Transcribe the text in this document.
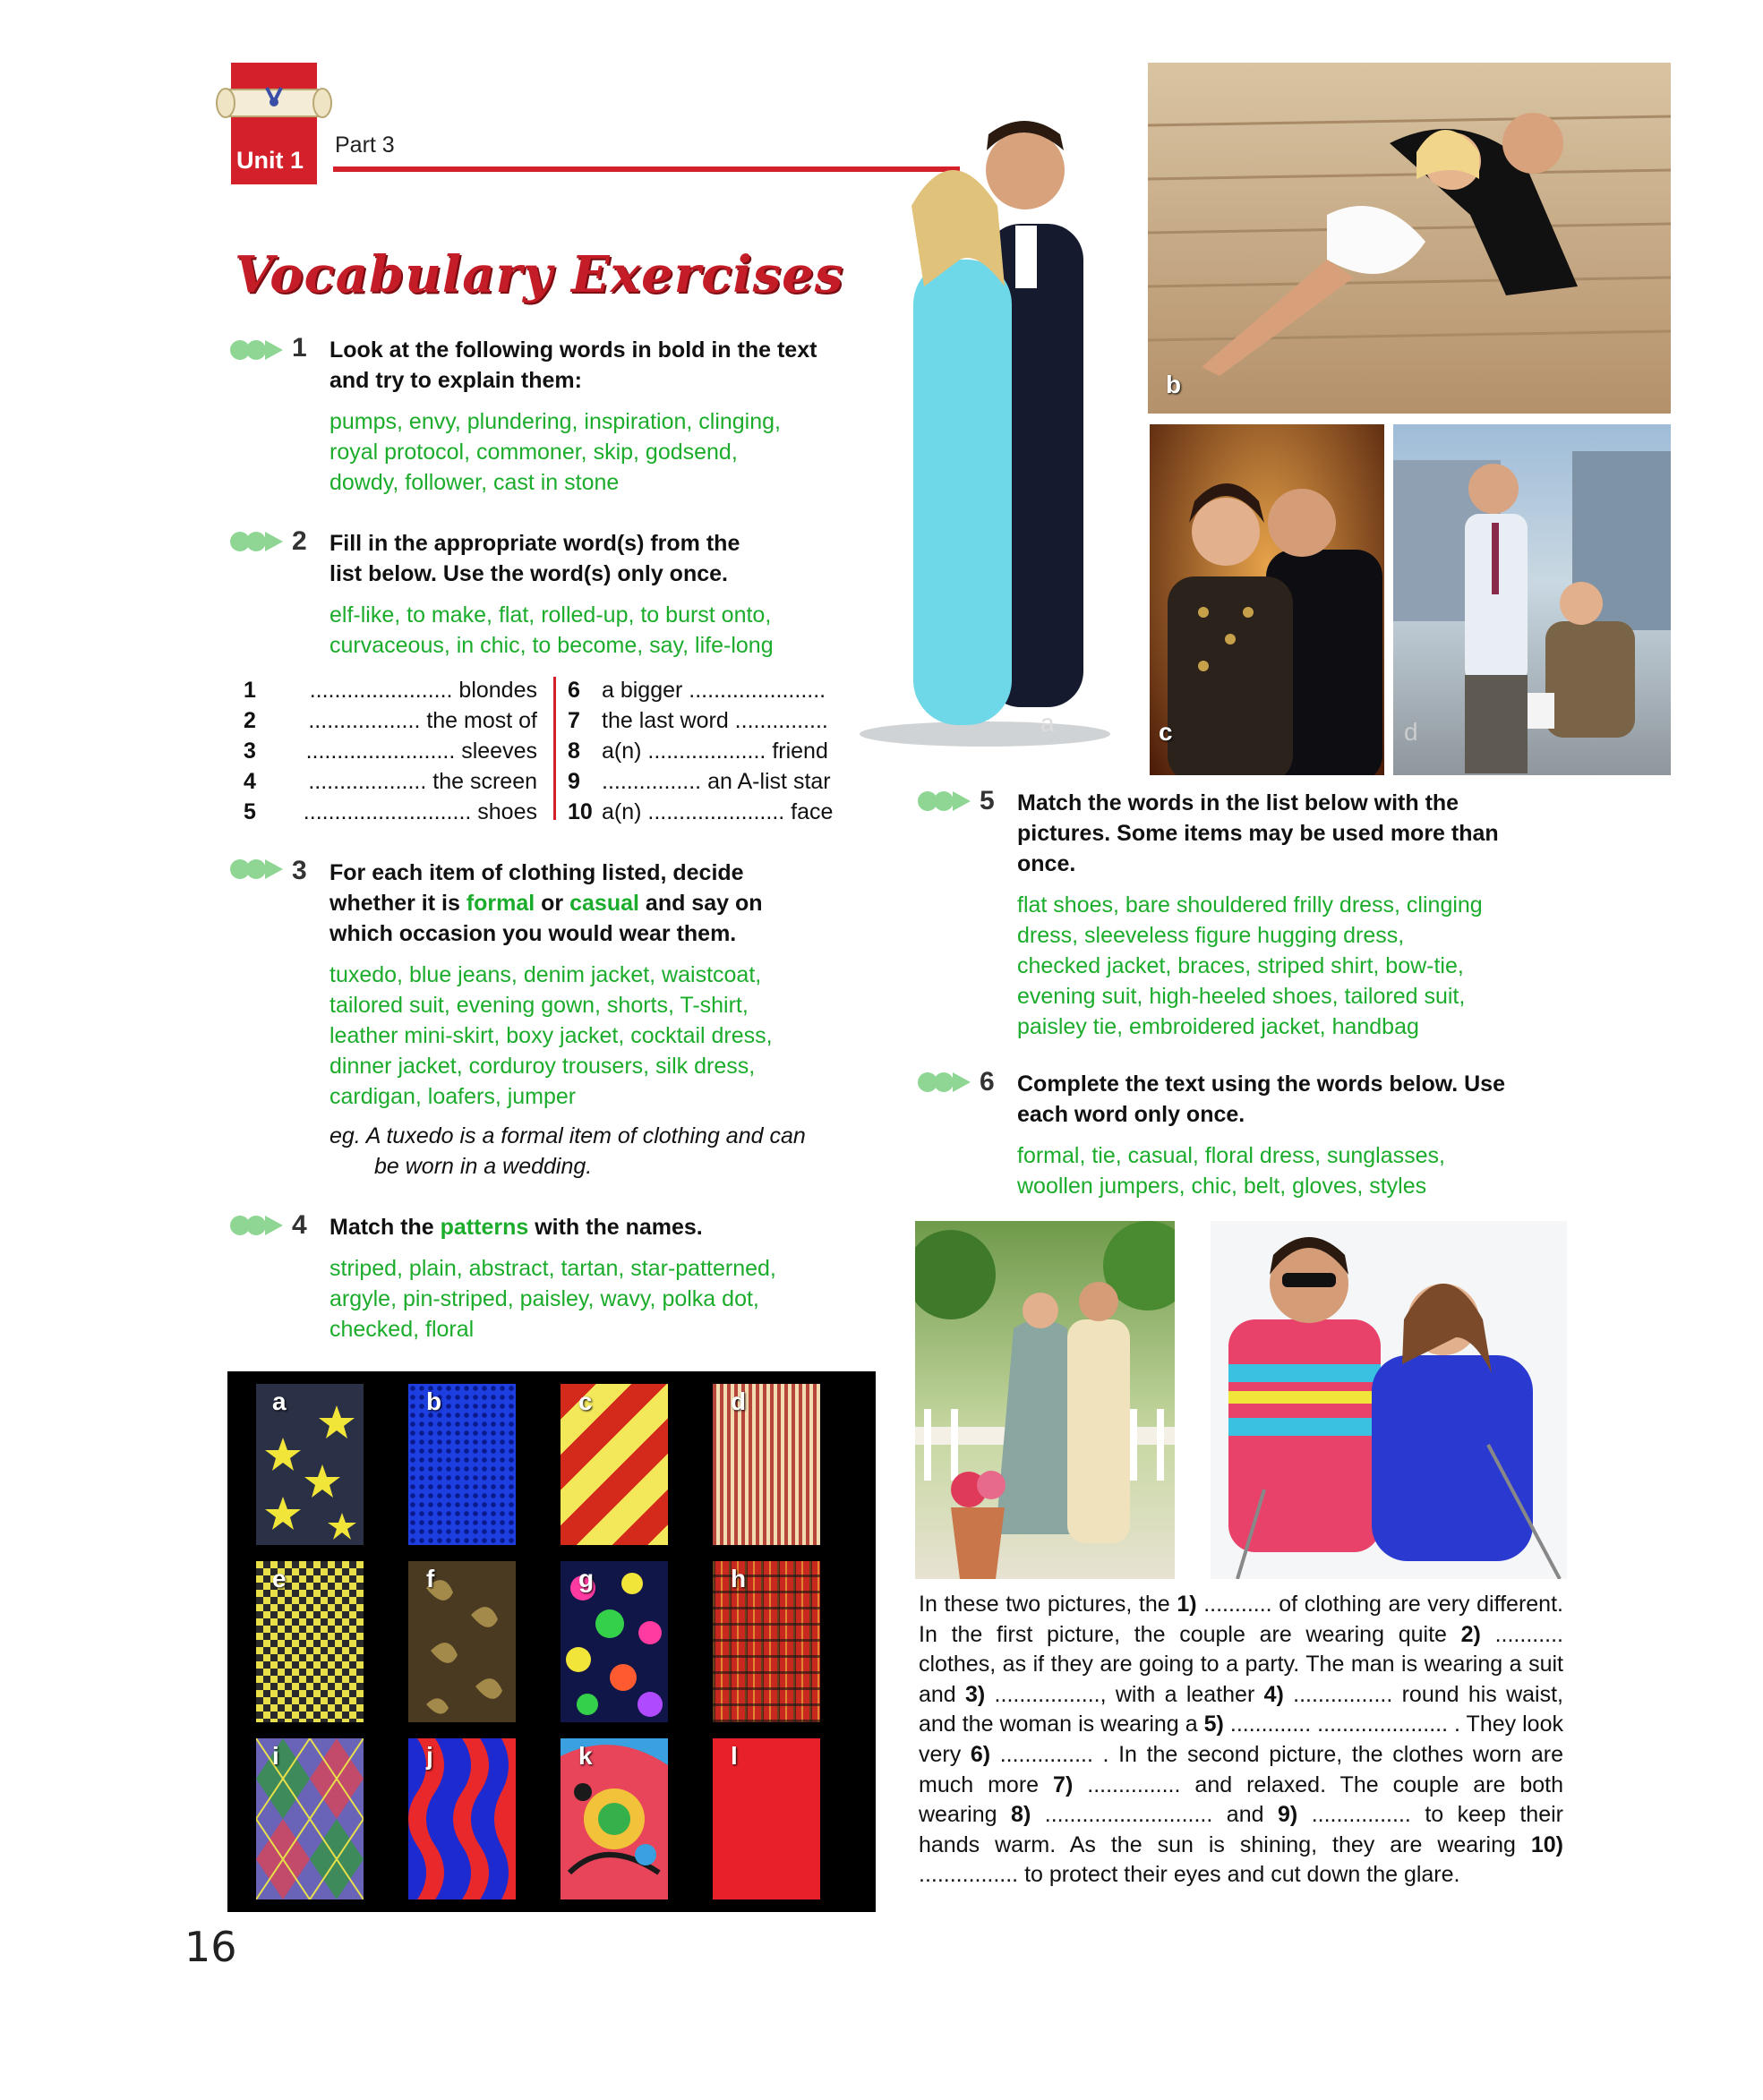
Unit 1
Part 3
Vocabulary Exercises
1 Look at the following words in bold in the text and try to explain them:
pumps, envy, plundering, inspiration, clinging,
royal protocol, commoner, skip, godsend,
dowdy, follower, cast in stone
2 Fill in the appropriate word(s) from the
list below. Use the word(s) only once.
elf-like, to make, flat, rolled-up, to burst onto,
curvaceous, in chic, to become, say, life-long
1 ....................... blondes
2 .................. the most of
3 ........................ sleeves
4 ................... the screen
5 ........................... shoes
6 a bigger ......................
7 the last word ...............
8 a(n) ................... friend
9 ................ an A-list star
10 a(n) ...................... face
3 For each item of clothing listed, decide
whether it is formal or casual and say on
which occasion you would wear them.
tuxedo, blue jeans, denim jacket, waistcoat,
tailored suit, evening gown, shorts, T-shirt,
leather mini-skirt, boxy jacket, cocktail dress,
dinner jacket, corduroy trousers, silk dress,
cardigan, loafers, jumper
eg. A tuxedo is a formal item of clothing and can
be worn in a wedding.
4 Match the patterns with the names.
striped, plain, abstract, tartan, star-patterned,
argyle, pin-striped, paisley, wavy, polka dot,
checked, floral
a	b	c	d
e	f	g	h
i	j	k	l
a
b
c	d
5 Match the words in the list below with the
pictures. Some items may be used more than
once.
flat shoes, bare shouldered frilly dress, clinging
dress, sleeveless figure hugging dress,
checked jacket, braces, striped shirt, bow-tie,
evening suit, high-heeled shoes, tailored suit,
paisley tie, embroidered jacket, handbag
6 Complete the text using the words below. Use
each word only once.
formal, tie, casual, floral dress, sunglasses,
woollen jumpers, chic, belt, gloves, styles
In these two pictures, the 1) ........... of clothing are very different. In the first picture, the couple are wearing quite 2) ........... clothes, as if they are going to a party. The man is wearing a suit and 3) ................., with a leather 4) ................ round his waist, and the woman is wearing a 5) ............. ..................... . They look very 6) ............... . In the second picture, the clothes worn are much more 7) ............... and relaxed. The couple are both wearing 8) ........................... and 9) ................ to keep their hands warm. As the sun is shining, they are wearing 10) ................ to protect their eyes and cut down the glare.
16
